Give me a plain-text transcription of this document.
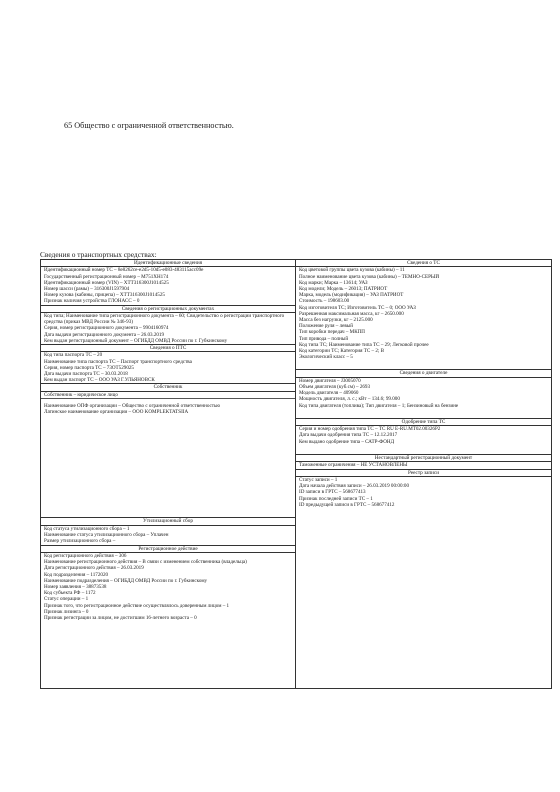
65 Общество с ограниченной ответственностью.
Сведения о транспортных средствах:
Идентификационные сведения
Идентификационный номер ТС – 8e8262ce-e2d5-10d5-e083-483115acc09e
Государственный регистрационный номер – М751ХН174
Идентификационный номер (VIN) – XTT316300J1014525
Номер шасси (рамы) – 316300J1597904
Номер кузова (кабины, прицепа) – XTT316300J1014525
Признак наличия устройства ГЛОНАСС – 0
Сведения о регистрационных документах
Код типа; Наименование типа регистрационного документа – 60; Свидетельство о регистрации транспортного средства (приказ МВД России № 346-93)
Серия, номер регистрационного документа – 9904160974
Дата выдачи регистрационного документа – 26.03.2019
Кем выдан регистрационный документ – ОГИБДД ОМВД России по г. Губкинскому
Сведения о ПТС
Код типа паспорта ТС – 20
Наименование типа паспорта ТС – Паспорт транспортного средства
Серия, номер паспорта ТС – 73ОТ529025
Дата выдачи паспорта ТС – 30.03.2018
Кем выдан паспорт ТС – ООО УАЗ Г.УЛЬЯНОВСК
Собственник
Собственник – юридическое лицо
Наименование ОПФ организации – Общество с ограниченной ответственностью
Латинское наименование организации – ООО KOMPLEKTATSIIA
Утилизационный сбор
Код статуса утилизационного сбора – 1
Наименование статуса утилизационного сбора – Уплачен
Размер утилизационного сбора –
Регистрационное действие
Код регистрационного действия – 306
Наименование регистрационного действия – В связи с изменением собственника (владельца)
Дата регистрационного действия – 26.03.2019
Код подразделения – 1172020
Наименование подразделения – ОГИБДД ОМВД России по г. Губкинскому
Номер заявления – 38873538
Код субъекта РФ – 1172
Статус операции – 1
Признак того, что регистрационное действие осуществлялось доверенным лицом – 1
Признак лизинга – 0
Признак регистрации за лицом, не достигшим 16-летнего возраста – 0
Сведения о ТС
Код цветовой группы цвета кузова (кабины) – 11
Полное наименование цвета кузова (кабины) – ТЕМНО-СЕРЫЙ
Код марки; Марка – 13614; УАЗ
Код модели; Модель – 26013; ПАТРИОТ
Марка, модель (модификация) – УАЗ ПАТРИОТ
Стоимость – 198603.00
Код изготовителя ТС; Изготовитель ТС – 0; ООО УАЗ
Разрешенная максимальная масса, кг – 2650.000
Масса без нагрузки, кг – 2125.000
Положение руля – левый
Тип коробки передач – МКПП
Тип привода – полный
Код типа ТС; Наименование типа ТС – 29; Легковой прочее
Код категории ТС; Категория ТС – 2; В
Экологический класс – 5
Сведения о двигателе
Номер двигателя – J3005070
Объем двигателя (куб.см) – 2693
Модель двигателя – 409060
Мощность двигателя, л. с.; кВт – 134.6; 99.000
Код типа двигателя (топлива); Тип двигателя – 1; Бензиновый на бензине
Одобрение типа ТС
Серия и номер одобрения типа ТС – ТС RU E-RU.МТ02.00326Р2
Дата выдачи одобрения типа ТС – 12.12.2017
Кем выдано одобрение типа – САТР-ФОНД
Нестандартный регистрационный документ
Таможенные ограничения – НЕ УСТАНОВЛЕНЫ
Реестр записи
Статус записи – 1
Дата начала действия записи – 26.03.2019 00:00:00
ID записи в ГРТС – 568677413
Признак последней записи ТС – 1
ID предыдущей записи в ГРТС – 568677412
